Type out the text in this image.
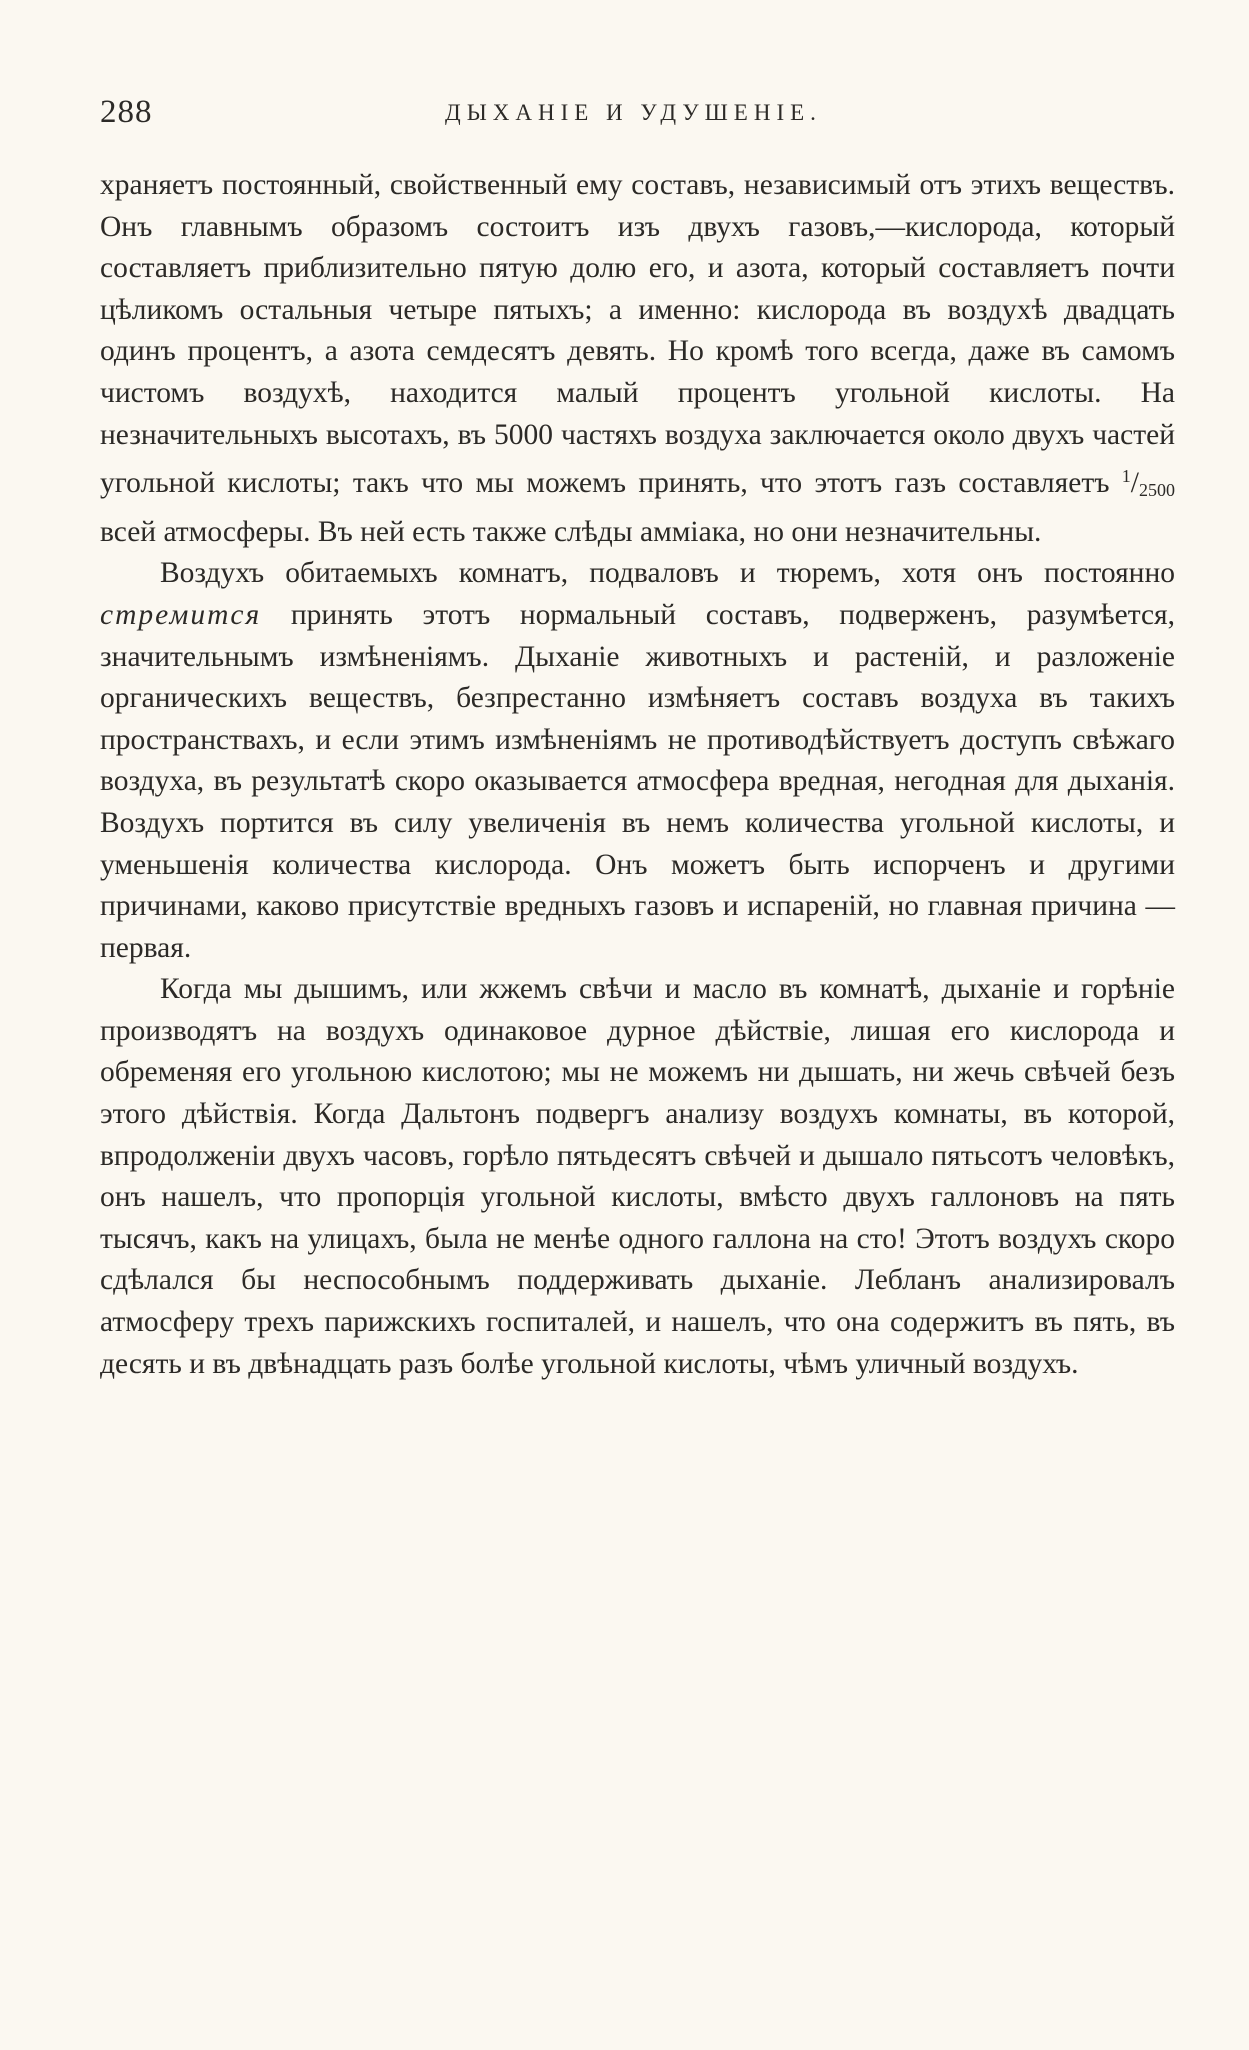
288	ДЫХАНІЕ И УДУШЕНІЕ.

храняетъ постоянный, свойственный ему составъ, независимый отъ этихъ веществъ. Онъ главнымъ образомъ состоитъ изъ двухъ газовъ,—кислорода, который составляетъ приблизительно пятую долю его, и азота, который составляетъ почти цѣликомъ остальныя четыре пятыхъ; а именно: кислорода въ воздухѣ двадцать одинъ процентъ, а азота семдесятъ девять. Но кромѣ того всегда, даже въ самомъ чистомъ воздухѣ, находится малый процентъ угольной кислоты. На незначительныхъ высотахъ, въ 5000 частяхъ воздуха заключается около двухъ частей угольной кислоты; такъ что мы можемъ принять, что этотъ газъ составляетъ $^1/_{2500}$ всей атмосферы. Въ ней есть также слѣды амміака, но они незначительны.

Воздухъ обитаемыхъ комнатъ, подваловъ и тюремъ, хотя онъ постоянно стремится принять этотъ нормальный составъ, подверженъ, разумѣется, значительнымъ измѣненіямъ. Дыханіе животныхъ и растеній, и разложеніе органическихъ веществъ, безпрестанно измѣняетъ составъ воздуха въ такихъ пространствахъ, и если этимъ измѣненіямъ не противодѣйствуетъ доступъ свѣжаго воздуха, въ результатѣ скоро оказывается атмосфера вредная, негодная для дыханія. Воздухъ портится въ силу увеличенія въ немъ количества угольной кислоты, и уменьшенія количества кислорода. Онъ можетъ быть испорченъ и другими причинами, каково присутствіе вредныхъ газовъ и испареній, но главная причина — первая.

Когда мы дышимъ, или жжемъ свѣчи и масло въ комнатѣ, дыханіе и горѣніе производятъ на воздухъ одинаковое дурное дѣйствіе, лишая его кислорода и обременяя его угольною кислотою; мы не можемъ ни дышать, ни жечь свѣчей безъ этого дѣйствія. Когда Дальтонъ подвергъ анализу воздухъ комнаты, въ которой, впродолженіи двухъ часовъ, горѣло пятьдесятъ свѣчей и дышало пятьсотъ человѣкъ, онъ нашелъ, что пропорція угольной кислоты, вмѣсто двухъ галлоновъ на пять тысячъ, какъ на улицахъ, была не менѣе одного галлона на сто! Этотъ воздухъ скоро сдѣлался бы неспособнымъ поддерживать дыханіе. Лебланъ анализировалъ атмосферу трехъ парижскихъ госпиталей, и нашелъ, что она содержитъ въ пять, въ десять и въ двѣнадцать разъ болѣе угольной кислоты, чѣмъ уличный воздухъ.
